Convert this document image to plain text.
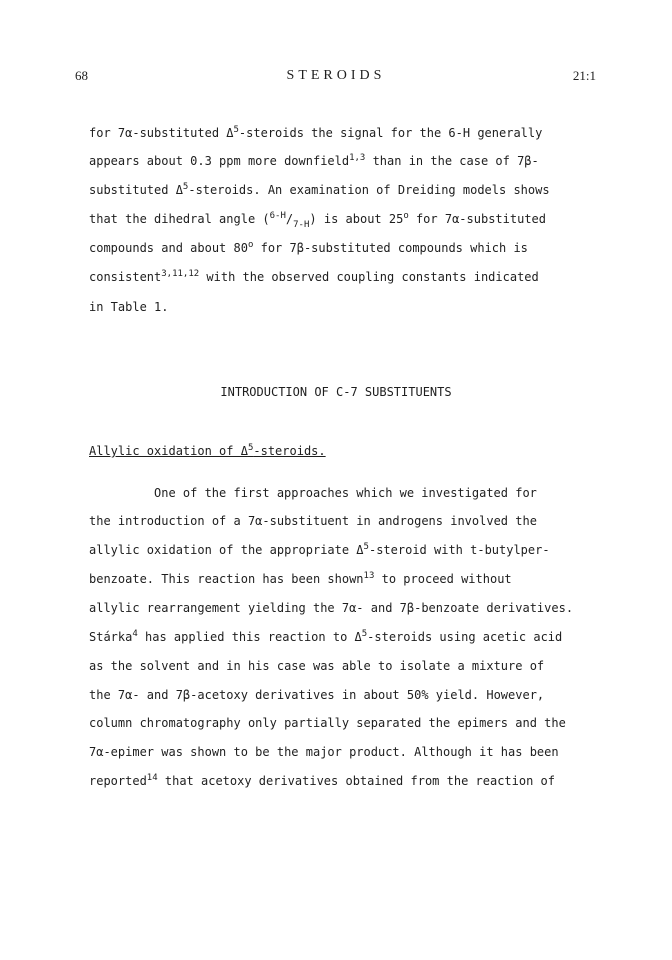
68	STEROIDS	21:1
for 7α-substituted $\Delta^5$-steroids the signal for the 6-H generally
appears about 0.3 ppm more downfield$^{1,3}$ than in the case of 7β-
substituted $\Delta^5$-steroids. An examination of Dreiding models shows
that the dihedral angle $(^{6-H}/_{7-H})$ is about 25$^o$ for 7α-substituted
compounds and about 80$^o$ for 7β-substituted compounds which is
consistent$^{3,11,12}$ with the observed coupling constants indicated
in Table 1.
INTRODUCTION OF C-7 SUBSTITUENTS
Allylic oxidation of $\Delta^5$-steroids.
One of the first approaches which we investigated for
the introduction of a 7α-substituent in androgens involved the
allylic oxidation of the appropriate $\Delta^5$-steroid with t-butylper-
benzoate. This reaction has been shown$^{13}$ to proceed without
allylic rearrangement yielding the 7α- and 7β-benzoate derivatives.
Stárka$^4$ has applied this reaction to $\Delta^5$-steroids using acetic acid
as the solvent and in his case was able to isolate a mixture of
the 7α- and 7β-acetoxy derivatives in about 50% yield. However,
column chromatography only partially separated the epimers and the
7α-epimer was shown to be the major product. Although it has been
reported$^{14}$ that acetoxy derivatives obtained from the reaction of
